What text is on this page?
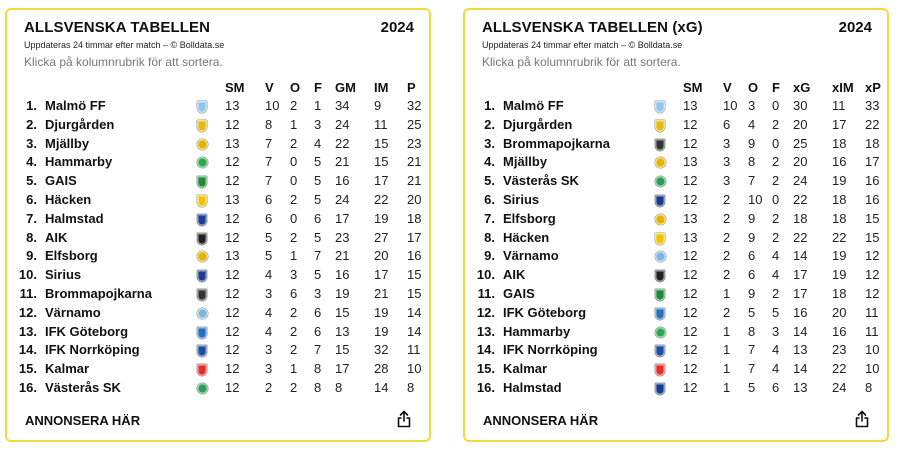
ALLSVENSKA TABELLEN	2024
Uppdateras 24 timmar efter match – © Bolldata.se
Klicka på kolumnrubrik för att sortera.
SM V O F GM IM P
1. Malmö FF	13 10 2 1 34 9 32
2. Djurgården	12 8 1 3 24 11 25
3. Mjällby	13 7 2 4 22 15 23
4. Hammarby	12 7 0 5 21 15 21
5. GAIS	12 7 0 5 16 17 21
6. Häcken	13 6 2 5 24 22 20
7. Halmstad	12 6 0 6 17 19 18
8. AIK	12 5 2 5 23 27 17
9. Elfsborg	13 5 1 7 21 20 16
10. Sirius	12 4 3 5 16 17 15
11. Brommapojkarna	12 3 6 3 19 21 15
12. Värnamo	12 4 2 6 15 19 14
13. IFK Göteborg	12 4 2 6 13 19 14
14. IFK Norrköping	12 3 2 7 15 32 11
15. Kalmar	12 3 1 8 17 28 10
16. Västerås SK	12 2 2 8 8 14 8
ANNONSERA HÄR
ALLSVENSKA TABELLEN (xG)	2024
Uppdateras 24 timmar efter match – © Bolldata.se
Klicka på kolumnrubrik för att sortera.
SM V O F xG xIM xP
1. Malmö FF	13 10 3 0 30 11 33
2. Djurgården	12 6 4 2 20 17 22
3. Brommapojkarna	12 3 9 0 25 18 18
4. Mjällby	13 3 8 2 20 16 17
5. Västerås SK	12 3 7 2 24 19 16
6. Sirius	12 2 10 0 22 18 16
7. Elfsborg	13 2 9 2 18 18 15
8. Häcken	13 2 9 2 22 22 15
9. Värnamo	12 2 6 4 14 19 12
10. AIK	12 2 6 4 17 19 12
11. GAIS	12 1 9 2 17 18 12
12. IFK Göteborg	12 2 5 5 16 20 11
13. Hammarby	12 1 8 3 14 16 11
14. IFK Norrköping	12 1 7 4 13 23 10
15. Kalmar	12 1 7 4 14 22 10
16. Halmstad	12 1 5 6 13 24 8
ANNONSERA HÄR
